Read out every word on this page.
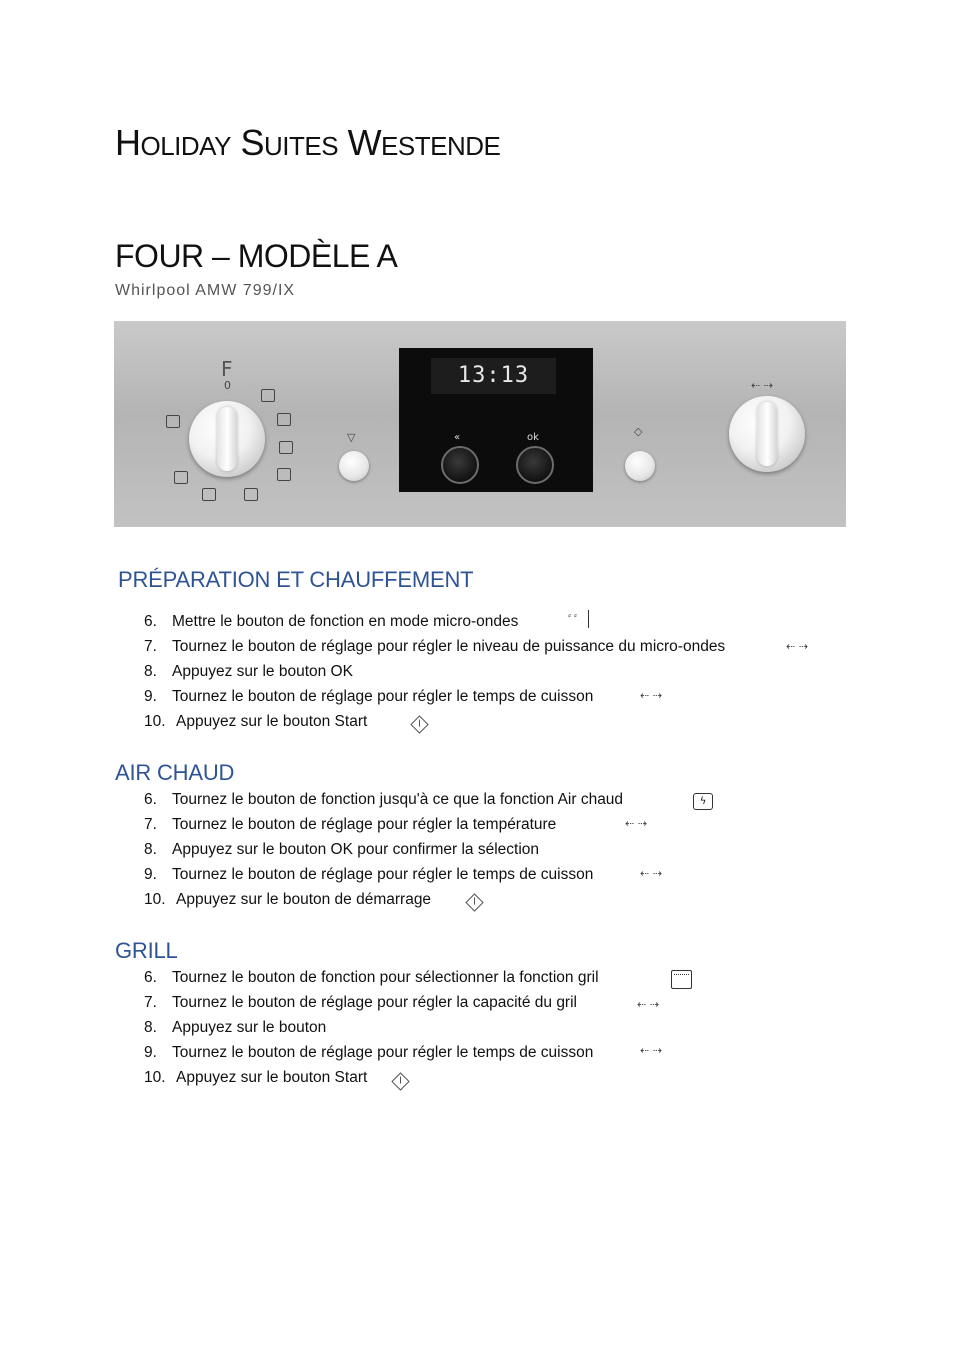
HOLIDAY SUITES WESTENDE
FOUR – MODÈLE A
Whirlpool AMW 799/IX
F
0
▽
13:13
«	ok	◇
⇠ ⇢
PRÉPARATION ET CHAUFFEMENT
6. Mettre le bouton de fonction en mode micro-ondes	⸗ ⸗
7. Tournez le bouton de réglage pour régler le niveau de puissance du micro-ondes	⇠ ⇢
8. Appuyez sur le bouton OK
9. Tournez le bouton de réglage pour régler le temps de cuisson	⇠ ⇢
10. Appuyez sur le bouton Start
AIR CHAUD
6. Tournez le bouton de fonction jusqu'à ce que la fonction Air chaud	ϟ
7. Tournez le bouton de réglage pour régler la température	⇠ ⇢
8. Appuyez sur le bouton OK pour confirmer la sélection
9. Tournez le bouton de réglage pour régler le temps de cuisson	⇠ ⇢
10. Appuyez sur le bouton de démarrage
GRILL
6. Tournez le bouton de fonction pour sélectionner la fonction gril
7. Tournez le bouton de réglage pour régler la capacité du gril	⇠ ⇢
8. Appuyez sur le bouton
9. Tournez le bouton de réglage pour régler le temps de cuisson	⇠ ⇢
10. Appuyez sur le bouton Start
